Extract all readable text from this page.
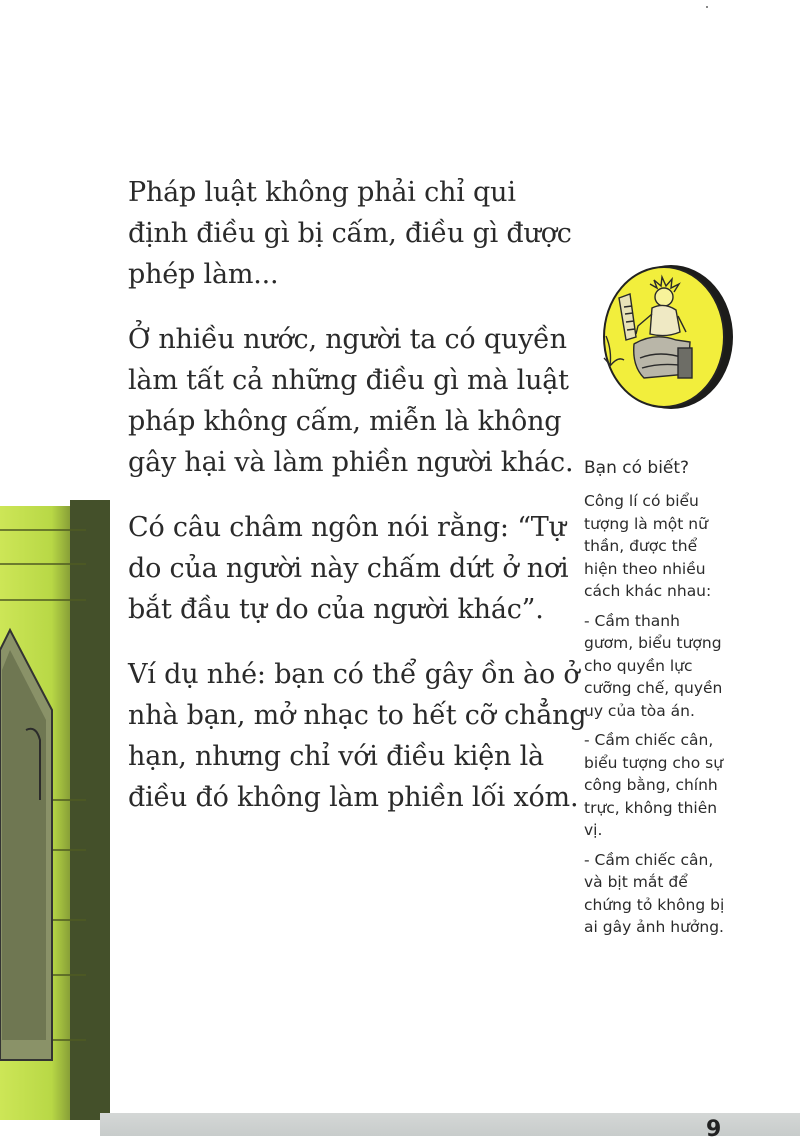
Pháp luật không phải chỉ qui
định điều gì bị cấm, điều gì được
phép làm...

Ở nhiều nước, người ta có quyền
làm tất cả những điều gì mà luật
pháp không cấm, miễn là không
gây hại và làm phiền người khác.

Có câu châm ngôn nói rằng: “Tự
do của người này chấm dứt ở nơi
bắt đầu tự do của người khác”.

Ví dụ nhé: bạn có thể gây ồn ào ở
nhà bạn, mở nhạc to hết cỡ chẳng
hạn, nhưng chỉ với điều kiện là
điều đó không làm phiền lối xóm.

Bạn có biết?

Công lí có biểu
tượng là một nữ
thần, được thể
hiện theo nhiều
cách khác nhau:

- Cầm thanh
gươm, biểu tượng
cho quyền lực
cưỡng chế, quyền
uy của tòa án.

- Cầm chiếc cân,
biểu tượng cho sự
công bằng, chính
trực, không thiên
vị.

- Cầm chiếc cân,
và bịt mắt để
chứng tỏ không bị
ai gây ảnh hưởng.

9
